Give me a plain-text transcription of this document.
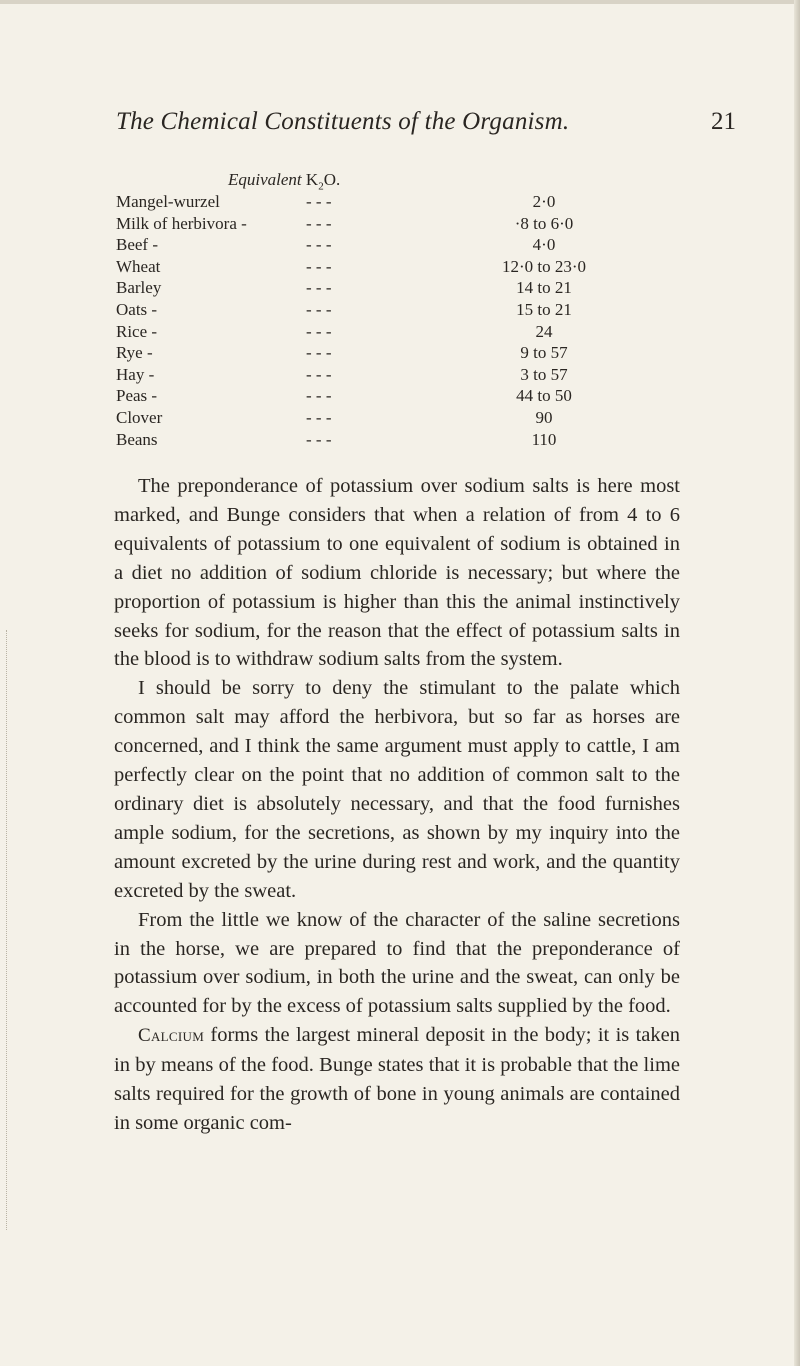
The Chemical Constituents of the Organism.	21
Equivalent $K_2O$.
Mangel-wurzel	- - -	2·0
Milk of herbivora -	- - -	·8 to 6·0
Beef -	- - -	4·0
Wheat	- - -	12·0 to 23·0
Barley	- - -	14 to 21
Oats -	- - -	15 to 21
Rice -	- - -	24
Rye -	- - -	9 to 57
Hay -	- - -	3 to 57
Peas -	- - -	44 to 50
Clover	- - -	90
Beans	- - -	110

The preponderance of potassium over sodium salts is here most marked, and Bunge considers that when a relation of from 4 to 6 equivalents of potassium to one equivalent of sodium is obtained in a diet no addition of sodium chloride is necessary; but where the proportion of potassium is higher than this the animal instinctively seeks for sodium, for the reason that the effect of potassium salts in the blood is to withdraw sodium salts from the system.

I should be sorry to deny the stimulant to the palate which common salt may afford the herbivora, but so far as horses are concerned, and I think the same argument must apply to cattle, I am perfectly clear on the point that no addition of common salt to the ordinary diet is absolutely necessary, and that the food furnishes ample sodium, for the secretions, as shown by my inquiry into the amount excreted by the urine during rest and work, and the quantity excreted by the sweat.

From the little we know of the character of the saline secretions in the horse, we are prepared to find that the preponderance of potassium over sodium, in both the urine and the sweat, can only be accounted for by the excess of potassium salts supplied by the food.

Calcium forms the largest mineral deposit in the body; it is taken in by means of the food. Bunge states that it is probable that the lime salts required for the growth of bone in young animals are contained in some organic com-
